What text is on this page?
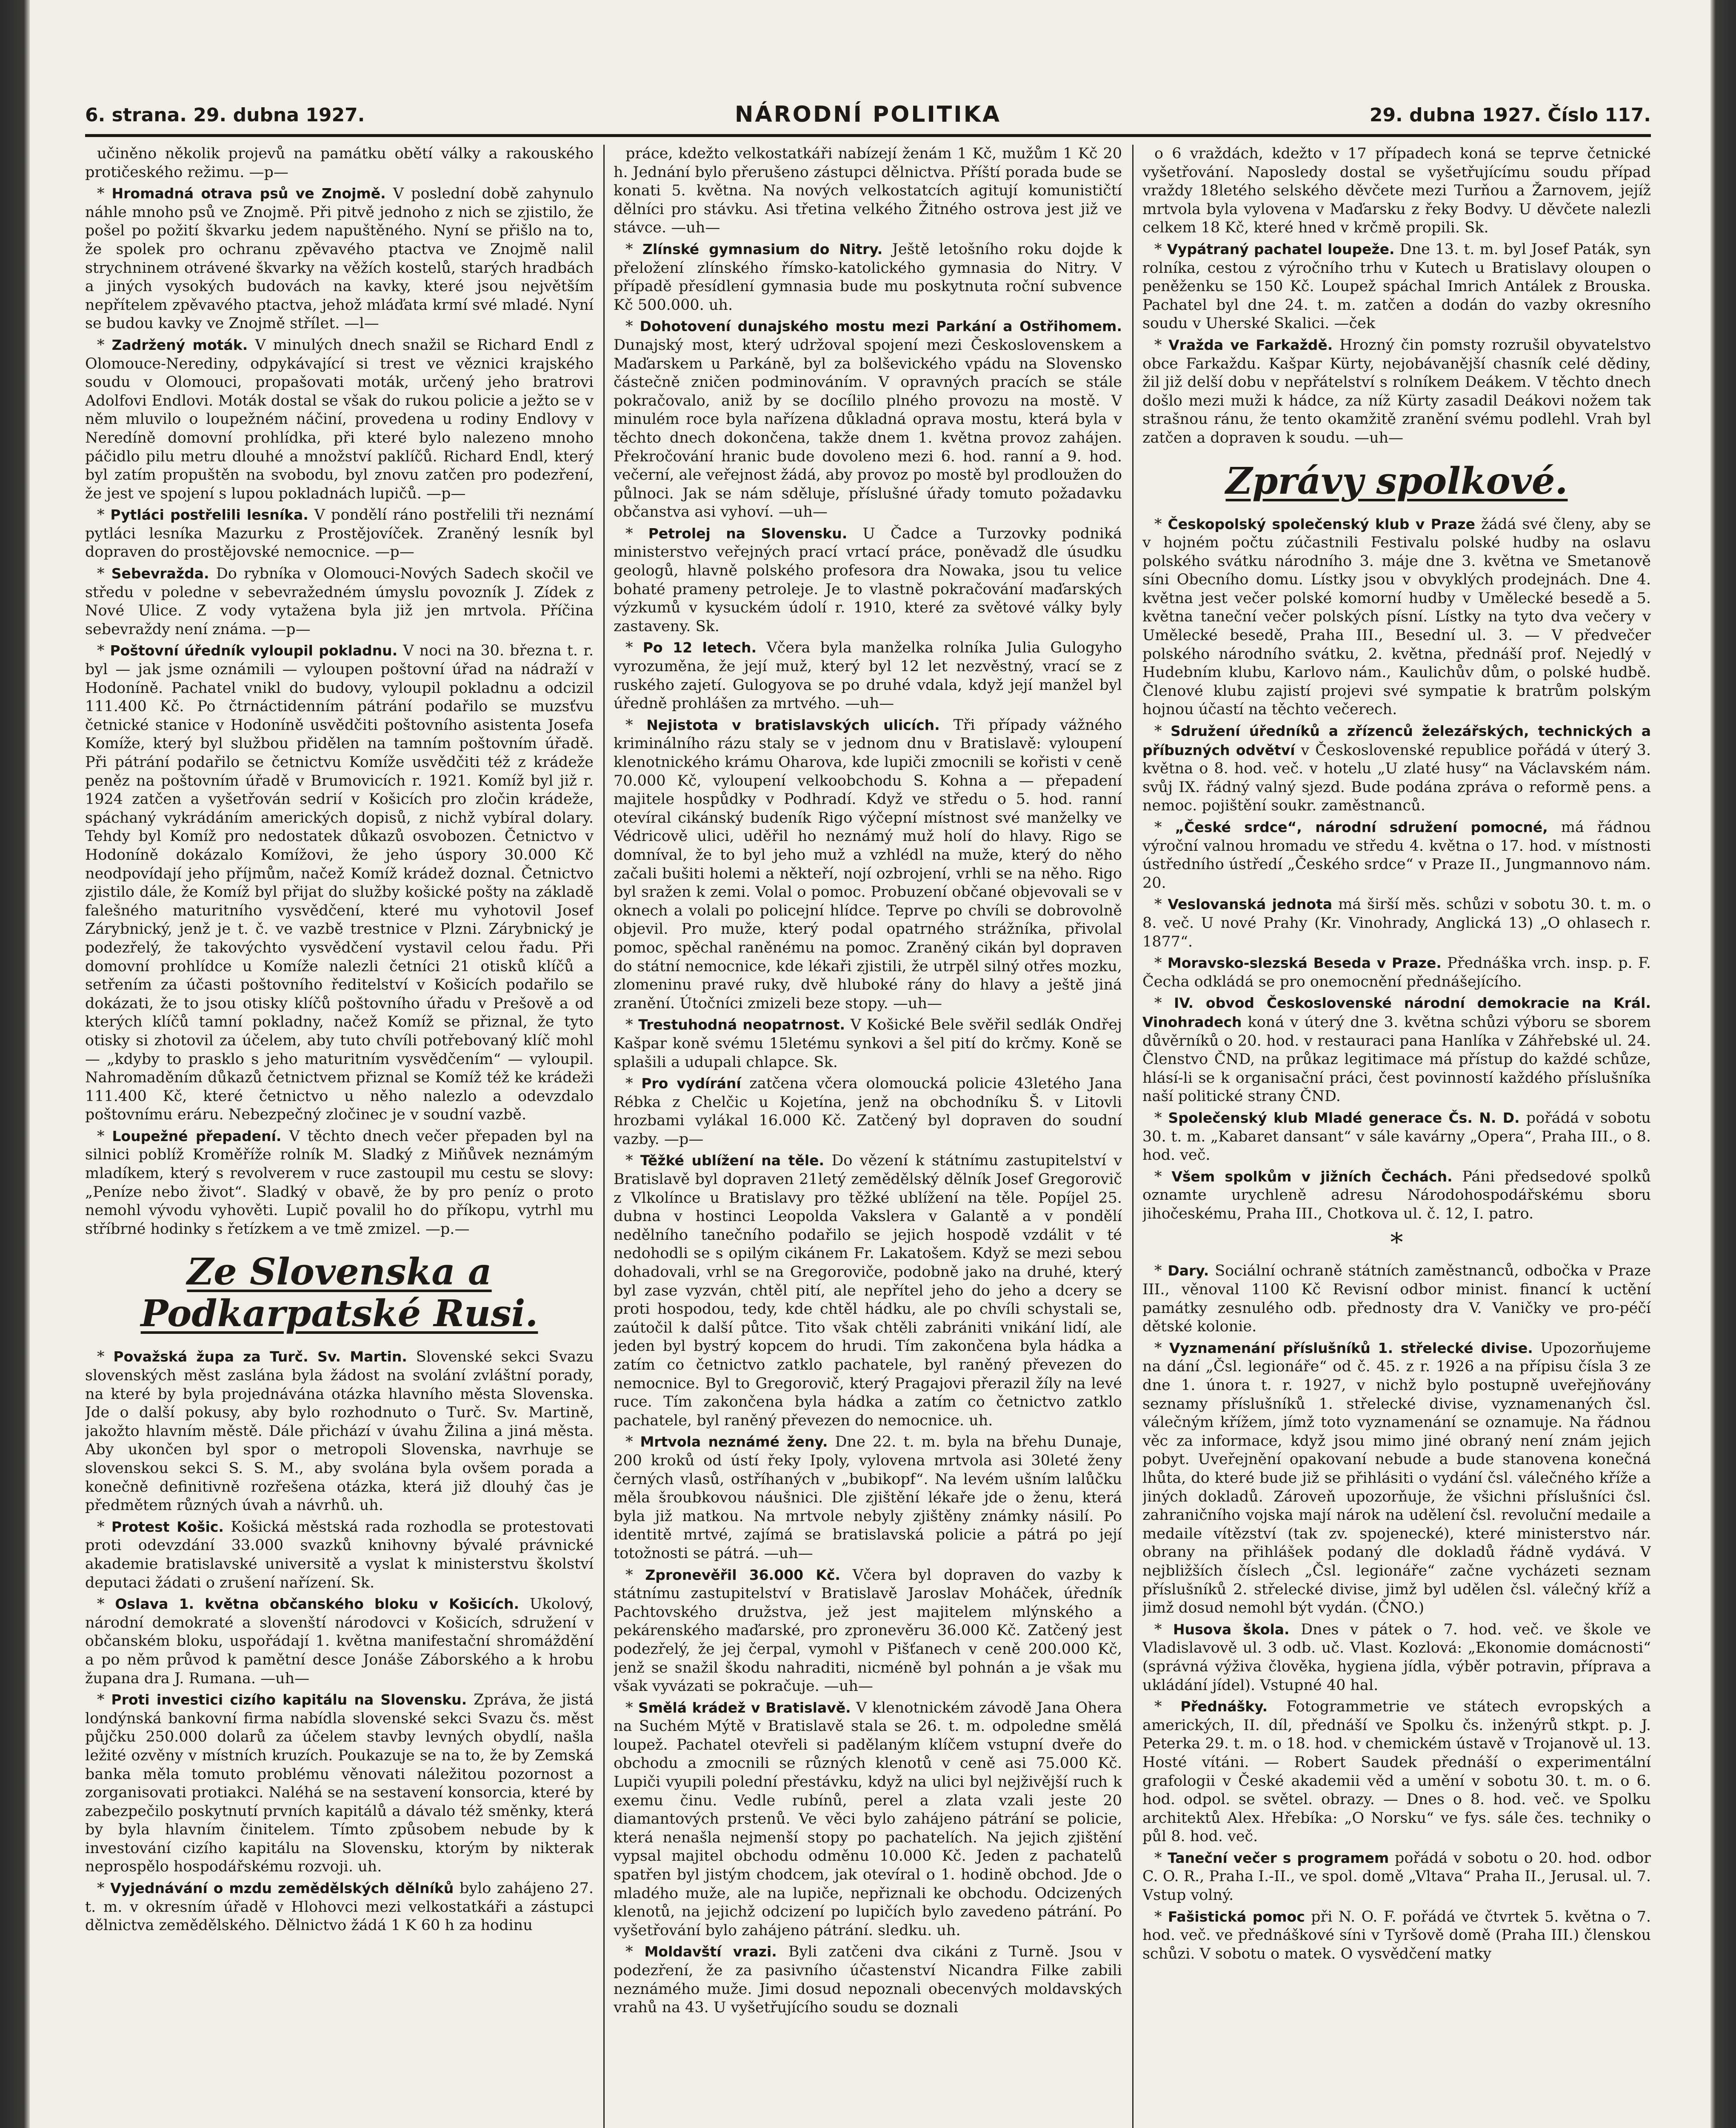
6. strana. 29. dubna 1927.	NÁRODNÍ POLITIKA	29. dubna 1927. Číslo 117.

učiněno několik projevů na památku obětí války a rakouského protičeského režimu. —p—

* Hromadná otrava psů ve Znojmě. V poslední době zahynulo náhle mnoho psů ve Znojmě. Při pitvě jednoho z nich se zjistilo, že pošel po požití škvarku jedem napuštěného. Nyní se přišlo na to, že spolek pro ochranu zpěvavého ptactva ve Znojmě nalil strychninem otrávené škvarky na věžích kostelů, starých hradbách a jiných vysokých budovách na kavky, které jsou největším nepřítelem zpěvavého ptactva, jehož mláďata krmí své mladé. Nyní se budou kavky ve Znojmě střílet. —l—

* Zadržený moták. V minulých dnech snažil se Richard Endl z Olomouce-Nerediny, odpykávající si trest ve věznici krajského soudu v Olomouci, propašovati moták, určený jeho bratrovi Adolfovi Endlovi. Moták dostal se však do rukou policie a ježto se v něm mluvilo o loupežném náčiní, provedena u rodiny Endlovy v Neredíně domovní prohlídka, při které bylo nalezeno mnoho páčidlo pilu metru dlouhé a množství paklíčů. Richard Endl, který byl zatím propuštěn na svobodu, byl znovu zatčen pro podezření, že jest ve spojení s lupou pokladnách lupičů. —p—

* Pytláci postřelili lesníka. V pondělí ráno postřelili tři neznámí pytláci lesníka Mazurku z Prostějovíček. Zraněný lesník byl dopraven do prostějovské nemocnice. —p—

* Sebevražda. Do rybníka v Olomouci-Nových Sadech skočil ve středu v poledne v sebevražedném úmyslu povozník J. Zídek z Nové Ulice. Z vody vytažena byla již jen mrtvola. Příčina sebevraždy není známa. —p—

* Poštovní úředník vyloupil pokladnu. V noci na 30. března t. r. byl — jak jsme oznámili — vyloupen poštovní úřad na nádraží v Hodoníně. Pachatel vnikl do budovy, vyloupil pokladnu a odcizil 111.400 Kč. Po čtrnáctidenním pátrání podařilo se muzsťvu četnické stanice v Hodoníně usvědčiti poštovního asistenta Josefa Komíže, který byl službou přidělen na tamním poštovním úřadě. Při pátrání podařilo se četnictvu Komíže usvědčiti též z krádeže peněz na poštovním úřadě v Brumovicích r. 1921. Komíž byl již r. 1924 zatčen a vyšetřován sedrií v Košicích pro zločin krádeže, spáchaný vykrádáním amerických dopisů, z nichž vybíral dolary. Tehdy byl Komíž pro nedostatek důkazů osvobozen. Četnictvo v Hodoníně dokázalo Komížovi, že jeho úspory 30.000 Kč neodpovídají jeho příjmům, načež Komíž krádež doznal. Četnictvo zjistilo dále, že Komíž byl přijat do služby košické pošty na základě falešného maturitního vysvědčení, které mu vyhotovil Josef Zárybnický, jenž je t. č. ve vazbě trestnice v Plzni. Zárybnický je podezřelý, že takovýchto vysvědčení vystavil celou řadu. Při domovní prohlídce u Komíže nalezli četníci 21 otisků klíčů a setřením za účasti poštovního ředitelství v Košicích podařilo se dokázati, že to jsou otisky klíčů poštovního úřadu v Prešově a od kterých klíčů tamní pokladny, načež Komíž se přiznal, že tyto otisky si zhotovil za účelem, aby tuto chvíli potřebovaný klíč mohl — „kdyby to prasklo s jeho maturitním vysvědčením“ — vyloupil. Nahromaděním důkazů četnictvem přiznal se Komíž též ke krádeži 111.400 Kč, které četnictvo u něho nalezlo a odevzdalo poštovnímu eráru. Nebezpečný zločinec je v soudní vazbě.

* Loupežné přepadení. V těchto dnech večer přepaden byl na silnici poblíž Kroměříže rolník M. Sladký z Miňůvek neznámým mladíkem, který s revolverem v ruce zastoupil mu cestu se slovy: „Peníze nebo život“. Sladký v obavě, že by pro peníz o proto nemohl vývodu vyhověti. Lupič povalil ho do příkopu, vytrhl mu stříbrné hodinky s řetízkem a ve tmě zmizel. —p.—

Ze Slovenska a Podkarpatské Rusi.

* Považská župa za Turč. Sv. Martin. Slovenské sekci Svazu slovenských měst zaslána byla žádost na svolání zvláštní porady, na které by byla projednávána otázka hlavního města Slovenska. Jde o další pokusy, aby bylo rozhodnuto o Turč. Sv. Martině, jakožto hlavním městě. Dále přichází v úvahu Žilina a jiná města. Aby ukončen byl spor o metropoli Slovenska, navrhuje se slovenskou sekci S. S. M., aby svolána byla ovšem porada a konečně definitivně rozřešena otázka, která již dlouhý čas je předmětem různých úvah a návrhů. uh.

* Protest Košic. Košická městská rada rozhodla se protestovati proti odevzdání 33.000 svazků knihovny bývalé právnické akademie bratislavské universitě a vyslat k ministerstvu školství deputaci žádati o zrušení nařízení. Sk.

* Oslava 1. května občanského bloku v Košicích. Ukolový, národní demokraté a slovenští národovci v Košicích, sdružení v občanském bloku, uspořádají 1. května manifestační shromáždění a po něm průvod k pamětní desce Jonáše Záborského a k hrobu župana dra J. Rumana. —uh—

* Proti investici cizího kapitálu na Slovensku. Zpráva, že jistá londýnská bankovní firma nabídla slovenské sekci Svazu čs. měst půjčku 250.000 dolarů za účelem stavby levných obydlí, našla ležité ozvěny v místních kruzích. Poukazuje se na to, že by Zemská banka měla tomuto problému věnovati náležitou pozornost a zorganisovati protiakci. Naléhá se na sestavení konsorcia, které by zabezpečilo poskytnutí prvních kapitálů a dávalo též směnky, která by byla hlavním činitelem. Tímto způsobem nebude by k investování cizího kapitálu na Slovensku, ktorým by nikterak neprospělo hospodářskému rozvoji. uh.

* Vyjednávání o mzdu zemědělských dělníků bylo zahájeno 27. t. m. v okresním úřadě v Hlohovci mezi velkostatkáři a zástupci dělnictva zemědělského. Dělnictvo žádá 1 K 60 h za hodinu

práce, kdežto velkostatkáři nabízejí ženám 1 Kč, mužům 1 Kč 20 h. Jednání bylo přerušeno zástupci dělnictva. Příští porada bude se konati 5. května. Na nových velkostatcích agitují komunističtí dělníci pro stávku. Asi třetina velkého Žitného ostrova jest již ve stávce. —uh—

* Zlínské gymnasium do Nitry. Ještě letošního roku dojde k přeložení zlínského římsko-katolického gymnasia do Nitry. V případě přesídlení gymnasia bude mu poskytnuta roční subvence Kč 500.000. uh.

* Dohotovení dunajského mostu mezi Parkání a Ostřihomem. Dunajský most, který udržoval spojení mezi Československem a Maďarskem u Parkáně, byl za bolševického vpádu na Slovensko částečně zničen podminováním. V opravných pracích se stále pokračovalo, aniž by se docílilo plného provozu na mostě. V minulém roce byla nařízena důkladná oprava mostu, která byla v těchto dnech dokončena, takže dnem 1. května provoz zahájen. Překročování hranic bude dovoleno mezi 6. hod. ranní a 9. hod. večerní, ale veřejnost žádá, aby provoz po mostě byl prodloužen do půlnoci. Jak se nám sděluje, příslušné úřady tomuto požadavku občanstva asi vyhoví. —uh—

* Petrolej na Slovensku. U Čadce a Turzovky podniká ministerstvo veřejných prací vrtací práce, poněvadž dle úsudku geologů, hlavně polského profesora dra Nowaka, jsou tu velice bohaté prameny petroleje. Je to vlastně pokračování maďarských výzkumů v kysuckém údolí r. 1910, které za světové války byly zastaveny. Sk.

* Po 12 letech. Včera byla manželka rolníka Julia Gulogyho vyrozuměna, že její muž, který byl 12 let nezvěstný, vrací se z ruského zajetí. Gulogyova se po druhé vdala, když její manžel byl úředně prohlášen za mrtvého. —uh—

* Nejistota v bratislavských ulicích. Tři případy vážného kriminálního rázu staly se v jednom dnu v Bratislavě: vyloupení klenotnického krámu Oharova, kde lupiči zmocnili se kořisti v ceně 70.000 Kč, vyloupení velkoobchodu S. Kohna a — přepadení majitele hospůdky v Podhradí. Když ve středu o 5. hod. ranní otevíral cikánský budeník Rigo výčepní místnost své manželky ve Védricově ulici, uděřil ho neznámý muž holí do hlavy. Rigo se domníval, že to byl jeho muž a vzhlédl na muže, který do něho začali bušiti holemi a někteří, nojí ozbrojení, vrhli se na něho. Rigo byl sražen k zemi. Volal o pomoc. Probuzení občané objevovali se v oknech a volali po policejní hlídce. Teprve po chvíli se dobrovolně objevil. Pro muže, který podal opatrného strážníka, přivolal pomoc, spěchal raněnému na pomoc. Zraněný cikán byl dopraven do státní nemocnice, kde lékaři zjistili, že utrpěl silný otřes mozku, zlomeninu pravé ruky, dvě hluboké rány do hlavy a ještě jiná zranění. Útočníci zmizeli beze stopy. —uh—

* Trestuhodná neopatrnost. V Košické Bele svěřil sedlák Ondřej Kašpar koně svému 15letému synkovi a šel pití do krčmy. Koně se splašili a udupali chlapce. Sk.

* Pro vydírání zatčena včera olomoucká policie 43letého Jana Rébka z Chelčic u Kojetína, jenž na obchodníku Š. v Litovli hrozbami vylákal 16.000 Kč. Zatčený byl dopraven do soudní vazby. —p—

* Těžké ublížení na těle. Do vězení k státnímu zastupitelství v Bratislavě byl dopraven 21letý zemědělský dělník Josef Gregorovič z Vlkolínce u Bratislavy pro těžké ublížení na těle. Popíjel 25. dubna v hostinci Leopolda Vakslera v Galantě a v pondělí nedělního tanečního podařilo se jejich hospodě vzdálit v té nedohodli se s opilým cikánem Fr. Lakatošem. Když se mezi sebou dohadovali, vrhl se na Gregoroviče, podobně jako na druhé, který byl zase vyzván, chtěl pití, ale nepřítel jeho do jeho a dcery se proti hospodou, tedy, kde chtěl hádku, ale po chvíli schystali se, zaútočil k další půtce. Tito však chtěli zabrániti vnikání lidí, ale jeden byl bystrý kopcem do hrudi. Tím zakončena byla hádka a zatím co četnictvo zatklo pachatele, byl raněný převezen do nemocnice. Byl to Gregorovič, který Pragajovi přerazil žíly na levé ruce. Tím zakončena byla hádka a zatím co četnictvo zatklo pachatele, byl raněný převezen do nemocnice. uh.

* Mrtvola neznámé ženy. Dne 22. t. m. byla na břehu Dunaje, 200 kroků od ústí řeky Ipoly, vylovena mrtvola asi 30leté ženy černých vlasů, ostříhaných v „bubikopf“. Na levém ušním lalůčku měla šroubkovou náušnici. Dle zjištění lékaře jde o ženu, která byla již matkou. Na mrtvole nebyly zjištěny známky násilí. Po identitě mrtvé, zajímá se bratislavská policie a pátrá po její totožnosti se pátrá. —uh—

* Zpronevěřil 36.000 Kč. Včera byl dopraven do vazby k státnímu zastupitelství v Bratislavě Jaroslav Moháček, úředník Pachtovského družstva, jež jest majitelem mlýnského a pekárenského maďarské, pro zpronevěru 36.000 Kč. Zatčený jest podezřelý, že jej čerpal, vymohl v Pišťanech v ceně 200.000 Kč, jenž se snažil škodu nahraditi, nicméně byl pohnán a je však mu však vyvázati se pokračuje. —uh—

* Smělá krádež v Bratislavě. V klenotnickém závodě Jana Ohera na Suchém Mýtě v Bratislavě stala se 26. t. m. odpoledne smělá loupež. Pachatel otevřeli si padělaným klíčem vstupní dveře do obchodu a zmocnili se různých klenotů v ceně asi 75.000 Kč. Lupiči vyupili polední přestávku, když na ulici byl nejživější ruch k exemu činu. Vedle rubínů, perel a zlata vzali jeste 20 diamantových prstenů. Ve věci bylo zahájeno pátrání se policie, která nenašla nejmenší stopy po pachatelích. Na jejich zjištění vypsal majitel obchodu odměnu 10.000 Kč. Jeden z pachatelů spatřen byl jistým chodcem, jak otevíral o 1. hodině obchod. Jde o mladého muže, ale na lupiče, nepřiznali ke obchodu. Odcizených klenotů, na jejichž odcizení po lupičích bylo zavedeno pátrání. Po vyšetřování bylo zahájeno pátrání. sledku. uh.

* Moldavští vrazi. Byli zatčeni dva cikáni z Turně. Jsou v podezření, že za pasivního účastenství Nicandra Filke zabili neznámého muže. Jimi dosud nepoznali obecenvých moldavských vrahů na 43. U vyšetřujícího soudu se doznali

o 6 vraždách, kdežto v 17 případech koná se teprve četnické vyšetřování. Naposledy dostal se vyšetřujícímu soudu případ vraždy 18letého selského děvčete mezi Turňou a Žarnovem, jejíž mrtvola byla vylovena v Maďarsku z řeky Bodvy. U děvčete nalezli celkem 18 Kč, které hned v krčmě propili. Sk.

* Vypátraný pachatel loupeže. Dne 13. t. m. byl Josef Paták, syn rolníka, cestou z výročního trhu v Kutech u Bratislavy oloupen o peněženku se 150 Kč. Loupež spáchal Imrich Antálek z Brouska. Pachatel byl dne 24. t. m. zatčen a dodán do vazby okresního soudu v Uherské Skalici. —ček

* Vražda ve Farkaždě. Hrozný čin pomsty rozrušil obyvatelstvo obce Farkaždu. Kašpar Kürty, nejobávanější chasník celé dědiny, žil již delší dobu v nepřátelství s rolníkem Deákem. V těchto dnech došlo mezi muži k hádce, za níž Kürty zasadil Deákovi nožem tak strašnou ránu, že tento okamžitě zranění svému podlehl. Vrah byl zatčen a dopraven k soudu. —uh—

Zprávy spolkové.

* Českopolský společenský klub v Praze žádá své členy, aby se v hojném počtu zúčastnili Festivalu polské hudby na oslavu polského svátku národního 3. máje dne 3. května ve Smetanově síni Obecního domu. Lístky jsou v obvyklých prodejnách. Dne 4. května jest večer polské komorní hudby v Umělecké besedě a 5. května taneční večer polských písní. Lístky na tyto dva večery v Umělecké besedě, Praha III., Besední ul. 3. — V předvečer polského národního svátku, 2. května, přednáší prof. Nejedlý v Hudebním klubu, Karlovo nám., Kaulichův dům, o polské hudbě. Členové klubu zajistí projevi své sympatie k bratrům polským hojnou účastí na těchto večerech.

* Sdružení úředníků a zřízenců železářských, technických a příbuzných odvětví v Československé republice pořádá v úterý 3. května o 8. hod. več. v hotelu „U zlaté husy“ na Václavském nám. svůj IX. řádný valný sjezd. Bude podána zpráva o reformě pens. a nemoc. pojištění soukr. zaměstnanců.

* „České srdce“, národní sdružení pomocné, má řádnou výroční valnou hromadu ve středu 4. května o 17. hod. v místnosti ústředního ústředí „Českého srdce“ v Praze II., Jungmannovo nám. 20.

* Veslovanská jednota má širší měs. schůzi v sobotu 30. t. m. o 8. več. U nové Prahy (Kr. Vinohrady, Anglická 13) „O ohlasech r. 1877“.

* Moravsko-slezská Beseda v Praze. Přednáška vrch. insp. p. F. Čecha odkládá se pro onemocnění přednášejícího.

* IV. obvod Československé národní demokracie na Král. Vinohradech koná v úterý dne 3. května schůzi výboru se sborem důvěrníků o 20. hod. v restauraci pana Hanlíka v Záhřebské ul. 24. Členstvo ČND, na průkaz legitimace má přístup do každé schůze, hlásí-li se k organisační práci, čest povinností každého příslušníka naší politické strany ČND.

* Společenský klub Mladé generace Čs. N. D. pořádá v sobotu 30. t. m. „Kabaret dansant“ v sále kavárny „Opera“, Praha III., o 8. hod. več.

* Všem spolkům v jižních Čechách. Páni předsedové spolků oznamte urychleně adresu Národohospodářskému sboru jihočeskému, Praha III., Chotkova ul. č. 12, I. patro.

*

* Dary. Sociální ochraně státních zaměstnanců, odbočka v Praze III., věnoval 1100 Kč Revisní odbor minist. financí k uctění památky zesnulého odb. přednosty dra V. Vaničky ve pro-péčí dětské kolonie.

* Vyznamenání příslušníků 1. střelecké divise. Upozorňujeme na dání „Čsl. legionáře“ od č. 45. z r. 1926 a na přípisu čísla 3 ze dne 1. února t. r. 1927, v nichž bylo postupně uveřejňovány seznamy příslušníků 1. střelecké divise, vyznamenaných čsl. válečným křížem, jímž toto vyznamenání se oznamuje. Na řádnou věc za informace, když jsou mimo jiné obraný není znám jejich pobyt. Uveřejnění opakovaní nebude a bude stanovena konečná lhůta, do které bude již se přihlásiti o vydání čsl. válečného kříže a jiných dokladů. Zároveň upozorňuje, že všichni příslušníci čsl. zahraničního vojska mají nárok na udělení čsl. revoluční medaile a medaile vítězství (tak zv. spojenecké), které ministerstvo nár. obrany na přihlášek podaný dle dokladů řádně vydává. V nejbližších číslech „Čsl. legionáře“ začne vycházeti seznam příslušníků 2. střelecké divise, jimž byl udělen čsl. válečný kříž a jimž dosud nemohl být vydán. (ČNO.)

* Husova škola. Dnes v pátek o 7. hod. več. ve škole ve Vladislavově ul. 3 odb. uč. Vlast. Kozlová: „Ekonomie domácnosti“ (správná výživa člověka, hygiena jídla, výběr potravin, příprava a ukládání jídel). Vstupné 40 hal.

* Přednášky. Fotogrammetrie ve státech evropských a amerických, II. díl, přednáší ve Spolku čs. inženýrů stkpt. p. J. Peterka 29. t. m. o 18. hod. v chemickém ústavě v Trojanově ul. 13. Hosté vítáni. — Robert Saudek přednáší o experimentální grafologii v České akademii věd a umění v sobotu 30. t. m. o 6. hod. odpol. se světel. obrazy. — Dnes o 8. hod. več. ve Spolku architektů Alex. Hřebíka: „O Norsku“ ve fys. sále čes. techniky o půl 8. hod. več.

* Taneční večer s programem pořádá v sobotu o 20. hod. odbor C. O. R., Praha I.-II., ve spol. domě „Vltava“ Praha II., Jerusal. ul. 7. Vstup volný.

* Fašistická pomoc při N. O. F. pořádá ve čtvrtek 5. května o 7. hod. več. ve přednáškové síni v Tyršově domě (Praha III.) členskou schůzi. V sobotu o matek. O vysvědčení matky
